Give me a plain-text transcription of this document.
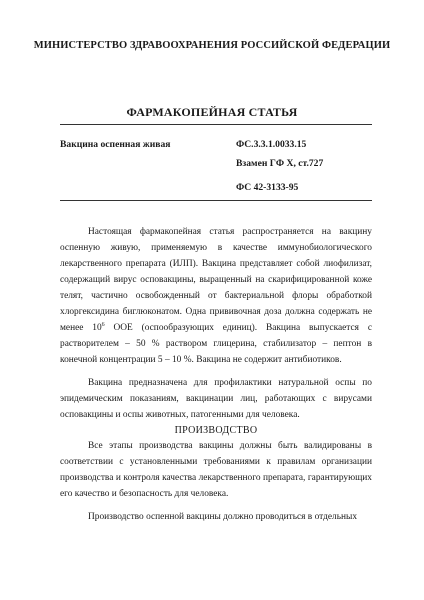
МИНИСТЕРСТВО ЗДРАВООХРАНЕНИЯ РОССИЙСКОЙ ФЕДЕРАЦИИ
ФАРМАКОПЕЙНАЯ СТАТЬЯ
Вакцина оспенная живая	ФС.3.3.1.0033.15
Взамен ГФ X, ст.727
ФС 42-3133-95

Настоящая фармакопейная статья распространяется на вакцину оспенную живую, применяемую в качестве иммунобиологического лекарственного препарата (ИЛП). Вакцина представляет собой лиофилизат, содержащий вирус осповакцины, выращенный на скарифицированной коже телят, частично освобожденный от бактериальной флоры обработкой хлоргексидина биглюконатом. Одна прививочная доза должна содержать не менее $10^6$ ООЕ (оспообразующих единиц). Вакцина выпускается с растворителем – 50 % раствором глицерина, стабилизатор – пептон в конечной концентрации 5 – 10 %. Вакцина не содержит антибиотиков.

Вакцина предназначена для профилактики натуральной оспы по эпидемическим показаниям, вакцинации лиц, работающих с вирусами осповакцины и оспы животных, патогенными для человека.

ПРОИЗВОДСТВО

Все этапы производства вакцины должны быть валидированы в соответствии с установленными требованиями к правилам организации производства и контроля качества лекарственного препарата, гарантирующих его качество и безопасность для человека.

Производство оспенной вакцины должно проводиться в отдельных
